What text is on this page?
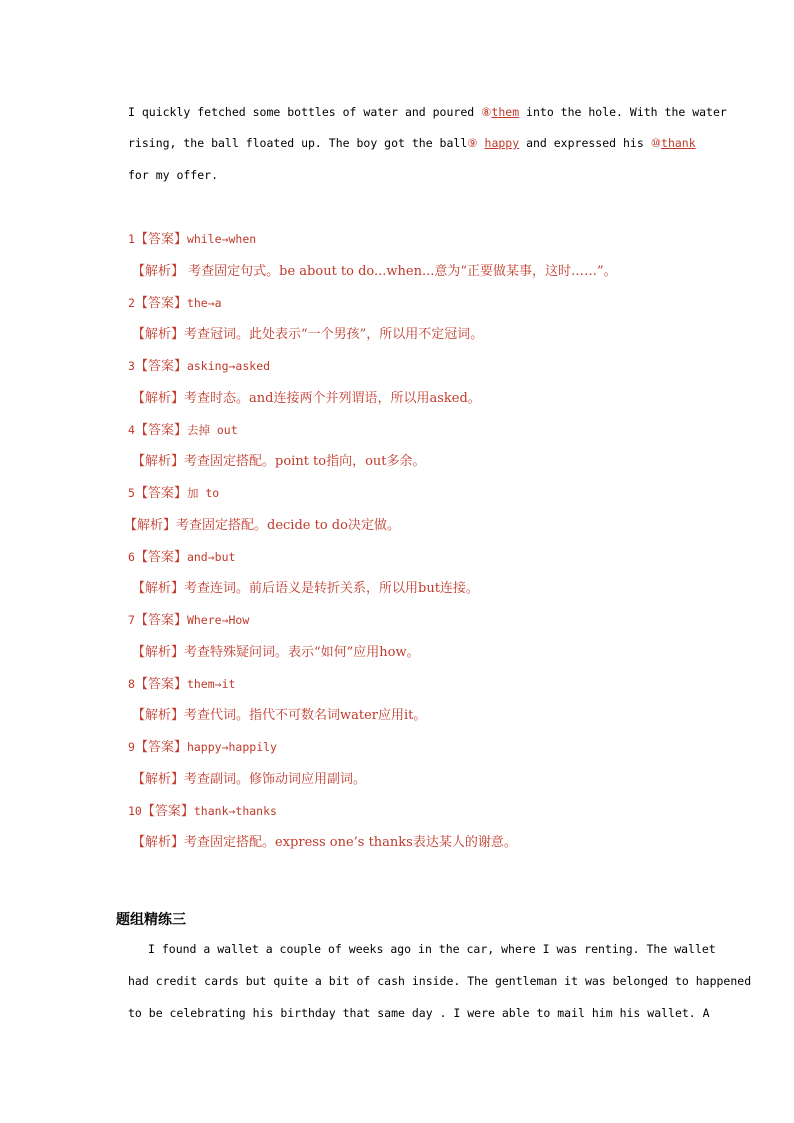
I quickly fetched some bottles of water and poured ⑧them into the hole. With the water
rising, the ball floated up. The boy got the ball⑨ happy and expressed his ⑩thank
for my offer.
1【答案】while→when
【解析】 考查固定句式。be about to do...when...意为“正要做某事，这时……”。
2【答案】the→a
【解析】考查冠词。此处表示“一个男孩”，所以用不定冠词。
3【答案】asking→asked
【解析】考查时态。and连接两个并列谓语，所以用asked。
4【答案】去掉 out
【解析】考查固定搭配。point to指向，out多余。
5【答案】加 to
【解析】考查固定搭配。decide to do决定做。
6【答案】and→but
【解析】考查连词。前后语义是转折关系，所以用but连接。
7【答案】Where→How
【解析】考查特殊疑问词。表示“如何”应用how。
8【答案】them→it
【解析】考查代词。指代不可数名词water应用it。
9【答案】happy→happily
【解析】考查副词。修饰动词应用副词。
10【答案】thank→thanks
【解析】考查固定搭配。express one’s thanks表达某人的谢意。
题组精练三
I found a wallet a couple of weeks ago in the car, where I was renting. The wallet
had credit cards but quite a bit of cash inside. The gentleman it was belonged to happened
to be celebrating his birthday that same day . I were able to mail him his wallet. A
